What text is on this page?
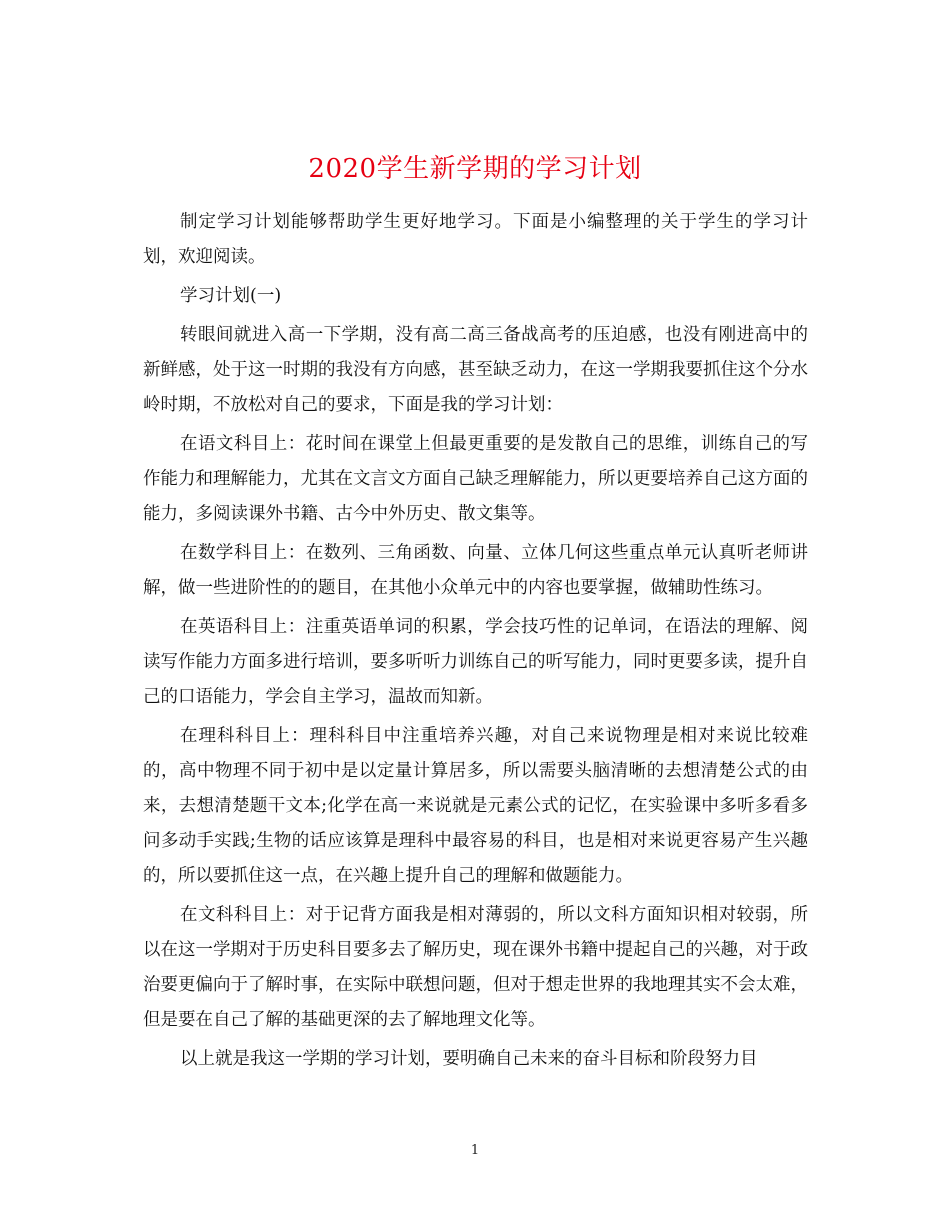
2020学生新学期的学习计划

制定学习计划能够帮助学生更好地学习。下面是小编整理的关于学生的学习计划，欢迎阅读。

学习计划(一)

转眼间就进入高一下学期，没有高二高三备战高考的压迫感，也没有刚进高中的新鲜感，处于这一时期的我没有方向感，甚至缺乏动力，在这一学期我要抓住这个分水岭时期，不放松对自己的要求，下面是我的学习计划：

在语文科目上：花时间在课堂上但最更重要的是发散自己的思维，训练自己的写作能力和理解能力，尤其在文言文方面自己缺乏理解能力，所以更要培养自己这方面的能力，多阅读课外书籍、古今中外历史、散文集等。

在数学科目上：在数列、三角函数、向量、立体几何这些重点单元认真听老师讲解，做一些进阶性的的题目，在其他小众单元中的内容也要掌握，做辅助性练习。

在英语科目上：注重英语单词的积累，学会技巧性的记单词，在语法的理解、阅读写作能力方面多进行培训，要多听听力训练自己的听写能力，同时更要多读，提升自己的口语能力，学会自主学习，温故而知新。

在理科科目上：理科科目中注重培养兴趣，对自己来说物理是相对来说比较难的，高中物理不同于初中是以定量计算居多，所以需要头脑清晰的去想清楚公式的由来，去想清楚题干文本;化学在高一来说就是元素公式的记忆，在实验课中多听多看多问多动手实践;生物的话应该算是理科中最容易的科目，也是相对来说更容易产生兴趣的，所以要抓住这一点，在兴趣上提升自己的理解和做题能力。

在文科科目上：对于记背方面我是相对薄弱的，所以文科方面知识相对较弱，所以在这一学期对于历史科目要多去了解历史，现在课外书籍中提起自己的兴趣，对于政治要更偏向于了解时事，在实际中联想问题，但对于想走世界的我地理其实不会太难，但是要在自己了解的基础更深的去了解地理文化等。

以上就是我这一学期的学习计划，要明确自己未来的奋斗目标和阶段努力目

1
